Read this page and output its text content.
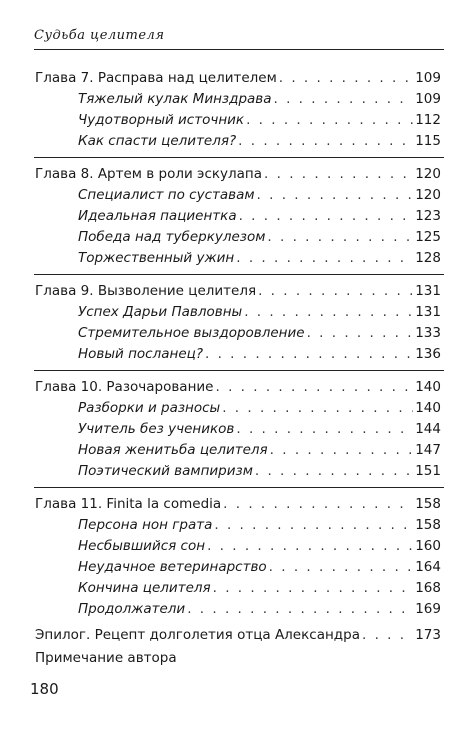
Судьба целителя
Глава 7. Расправа над целителем . . .	109
Тяжелый кулак Минздрава . . .	109
Чудотворный источник . . .	112
Как спасти целителя? . . .	115
Глава 8. Артем в роли эскулапа . . .	120
Специалист по суставам . . .	120
Идеальная пациентка . . .	123
Победа над туберкулезом . . .	125
Торжественный ужин . . .	128
Глава 9. Вызволение целителя . . .	131
Успех Дарьи Павловны . . .	131
Стремительное выздоровление . . .	133
Новый посланец? . . .	136
Глава 10. Разочарование . . .	140
Разборки и разносы . . .	140
Учитель без учеников . . .	144
Новая женитьба целителя . . .	147
Поэтический вампиризм . . .	151
Глава 11. Finita la comedia . . .	158
Персона нон грата . . .	158
Несбывшийся сон . . .	160
Неудачное ветеринарство . . .	164
Кончина целителя . . .	168
Продолжатели . . .	169
Эпилог. Рецепт долголетия отца Александра . . .	173
Примечание автора
180
